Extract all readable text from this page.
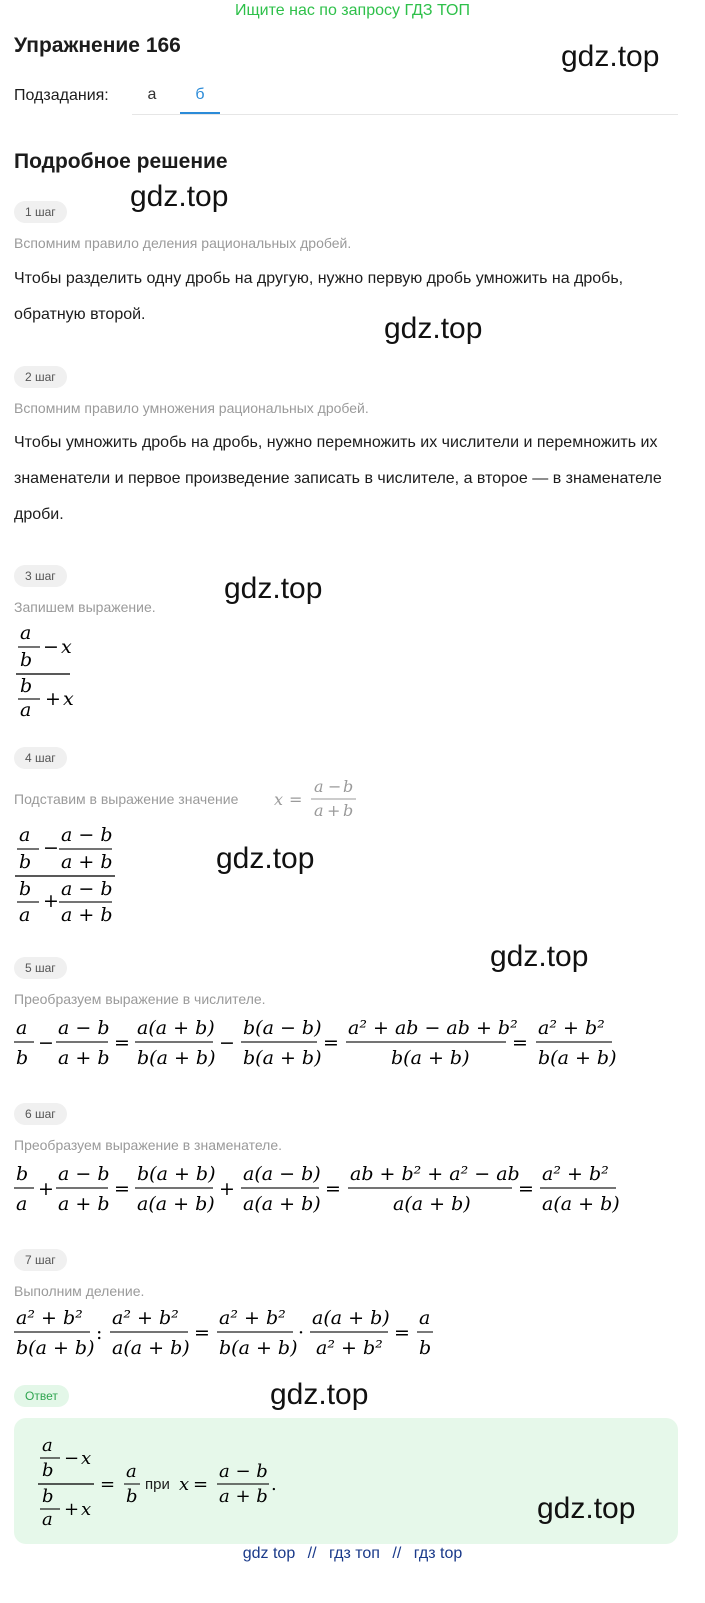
Ищите нас по запросу ГДЗ ТОП
Упражнение 166	gdz.top
Подзадания:	а	б
Подробное решение
gdz.top
1 шаг
Вспомним правило деления рациональных дробей.
Чтобы разделить одну дробь на другую, нужно первую дробь умножить на дробь, обратную второй.	gdz.top
2 шаг
Вспомним правило умножения рациональных дробей.
Чтобы умножить дробь на дробь, нужно перемножить их числители и перемножить их знаменатели и первое произведение записать в числителе, а второе — в знаменателе дроби.
3 шаг	gdz.top
Запишем выражение.
a
b
− x
b
a + x
4 шаг
Подставим в выражение значение x =
a − b
a + b
a
b
−
a − b
a + b
b
a
+
a − b
a + b
gdz.top
gdz.top
5 шаг
Преобразуем выражение в числителе.
a
b
−
a − b
a + b
=
a(a + b)
b(a + b)
−
b(a − b)
b(a + b)
=
a² + ab − ab + b²
b(a + b)
=
a² + b²
b(a + b)
6 шаг
Преобразуем выражение в знаменателе.
b
a
+
a − b
a + b
=
b(a + b)
a(a + b)
+
a(a − b)
a(a + b)
=
ab + b² + a² − ab
a(a + b)
=
a² + b²
a(a + b)
7 шаг
Выполним деление.
a² + b²
b(a + b)
:
a² + b²
a(a + b)
=
a² + b²
b(a + b)
·
a(a + b)
a² + b²
=
a
b
Ответ	gdz.top
a
b
− x
b
a + x
=
a
b
x =
a − b
a + b
.
при
gdz.top
gdz top // гдз топ // гдз top
